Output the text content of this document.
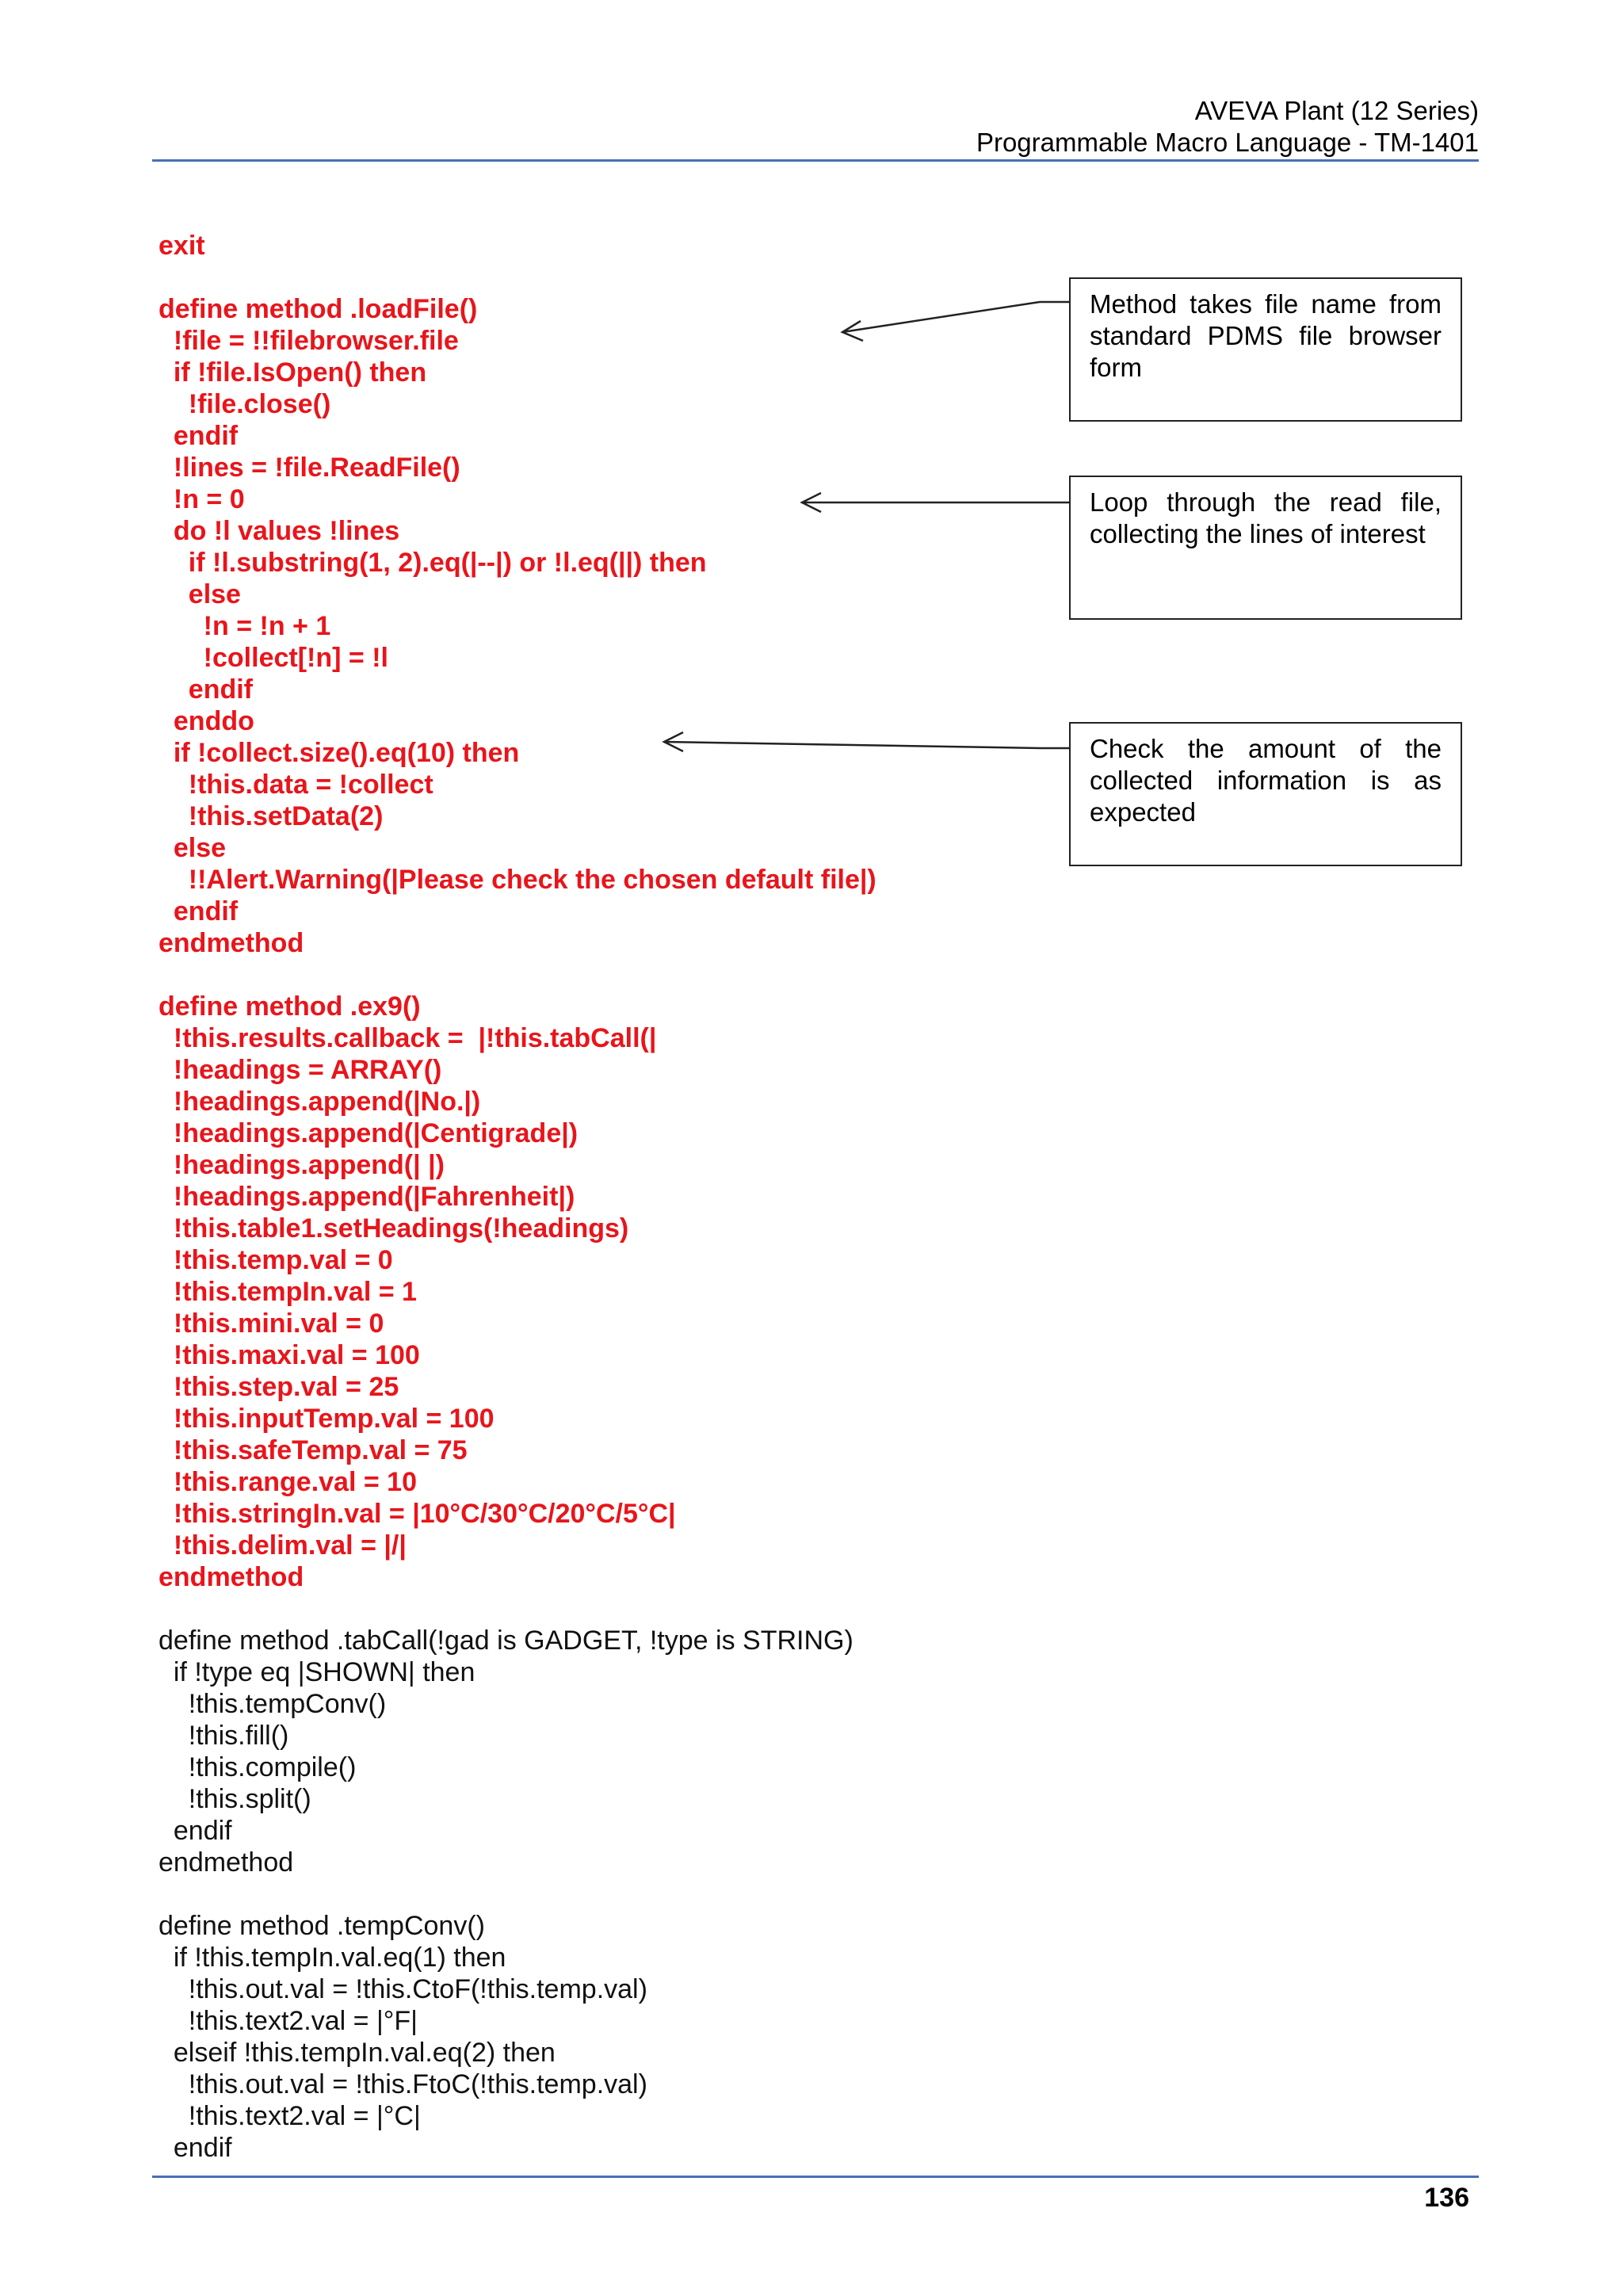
AVEVA Plant (12 Series)
Programmable Macro Language - TM-1401
exit
define method .loadFile()
!file = !!filebrowser.file
if !file.IsOpen() then
!file.close()
endif
!lines = !file.ReadFile()
!n = 0
do !l values !lines
if !l.substring(1, 2).eq(|--|) or !l.eq(||) then
else
!n = !n + 1
!collect[!n] = !l
endif
enddo
if !collect.size().eq(10) then
!this.data = !collect
!this.setData(2)
else
!!Alert.Warning(|Please check the chosen default file|)
endif
endmethod
define method .ex9()
!this.results.callback =  |!this.tabCall(|
!headings = ARRAY()
!headings.append(|No.|)
!headings.append(|Centigrade|)
!headings.append(| |)
!headings.append(|Fahrenheit|)
!this.table1.setHeadings(!headings)
!this.temp.val = 0
!this.tempIn.val = 1
!this.mini.val = 0
!this.maxi.val = 100
!this.step.val = 25
!this.inputTemp.val = 100
!this.safeTemp.val = 75
!this.range.val = 10
!this.stringIn.val = |10°C/30°C/20°C/5°C|
!this.delim.val = |/|
endmethod
define method .tabCall(!gad is GADGET, !type is STRING)
if !type eq |SHOWN| then
!this.tempConv()
!this.fill()
!this.compile()
!this.split()
endif
endmethod
define method .tempConv()
if !this.tempIn.val.eq(1) then
!this.out.val = !this.CtoF(!this.temp.val)
!this.text2.val = |°F|
elseif !this.tempIn.val.eq(2) then
!this.out.val = !this.FtoC(!this.temp.val)
!this.text2.val = |°C|
endif
Method takes file name from standard PDMS file browser form
Loop through the read file, collecting the lines of interest
Check the amount of the collected information is as expected
136
